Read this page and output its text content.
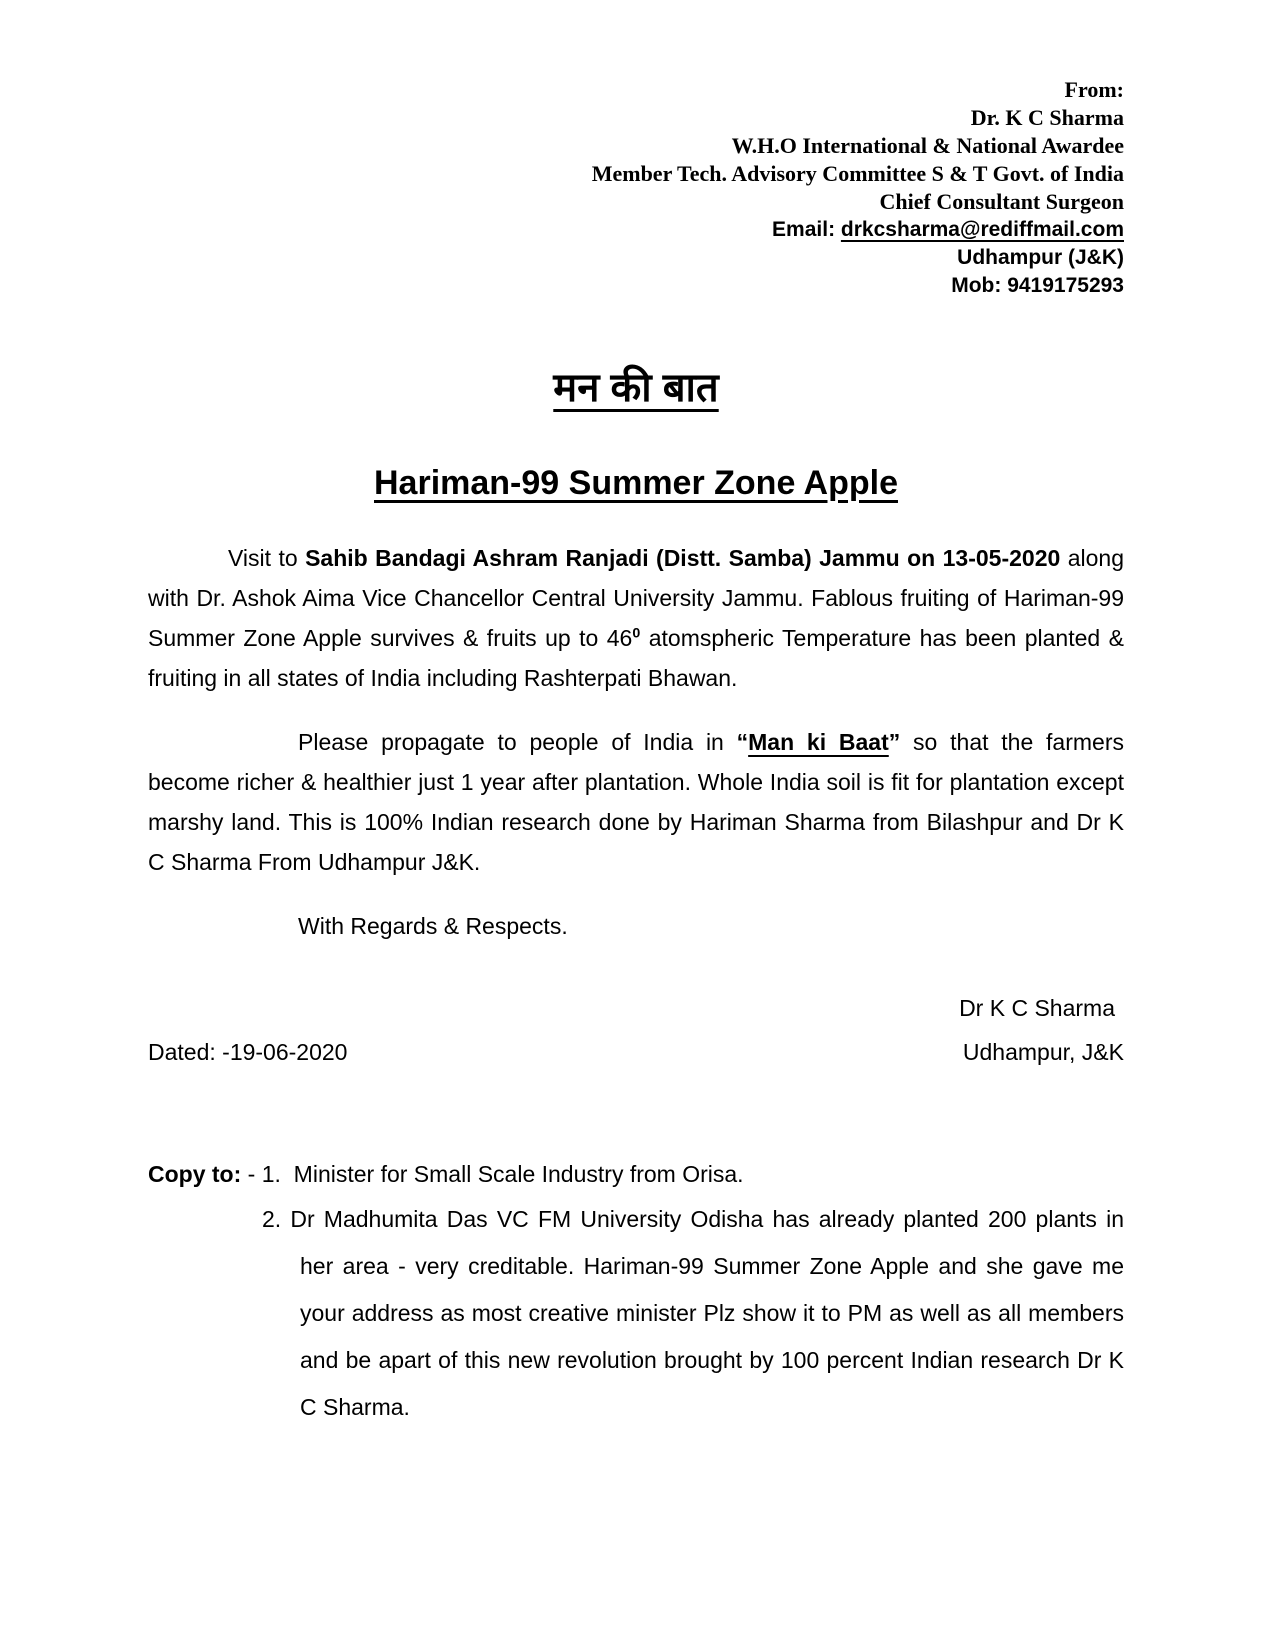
From:
Dr. K C Sharma
W.H.O International & National Awardee
Member Tech. Advisory Committee S & T Govt. of India
Chief Consultant Surgeon
Email: drkcsharma@rediffmail.com
Udhampur (J&K)
Mob: 9419175293
मन की बात
Hariman-99 Summer Zone Apple

Visit to Sahib Bandagi Ashram Ranjadi (Distt. Samba) Jammu on 13-05-2020 along with Dr. Ashok Aima Vice Chancellor Central University Jammu. Fablous fruiting of Hariman-99 Summer Zone Apple survives & fruits up to $46^0$ atomspheric Temperature has been planted & fruiting in all states of India including Rashterpati Bhawan.

Please propagate to people of India in “Man ki Baat” so that the farmers become richer & healthier just 1 year after plantation. Whole India soil is fit for plantation except marshy land. This is 100% Indian research done by Hariman Sharma from Bilashpur and Dr K C Sharma From Udhampur J&K.

With Regards & Respects.
Dr K C Sharma
Dated: -19-06-2020	Udhampur, J&K
Copy to: - 1.  Minister for Small Scale Industry from Orisa.

2. Dr Madhumita Das VC FM University Odisha has already planted 200 plants in her area - very creditable. Hariman-99 Summer Zone Apple and she gave me your address as most creative minister Plz show it to PM as well as all members and be apart of this new revolution brought by 100 percent Indian research Dr K C Sharma.
